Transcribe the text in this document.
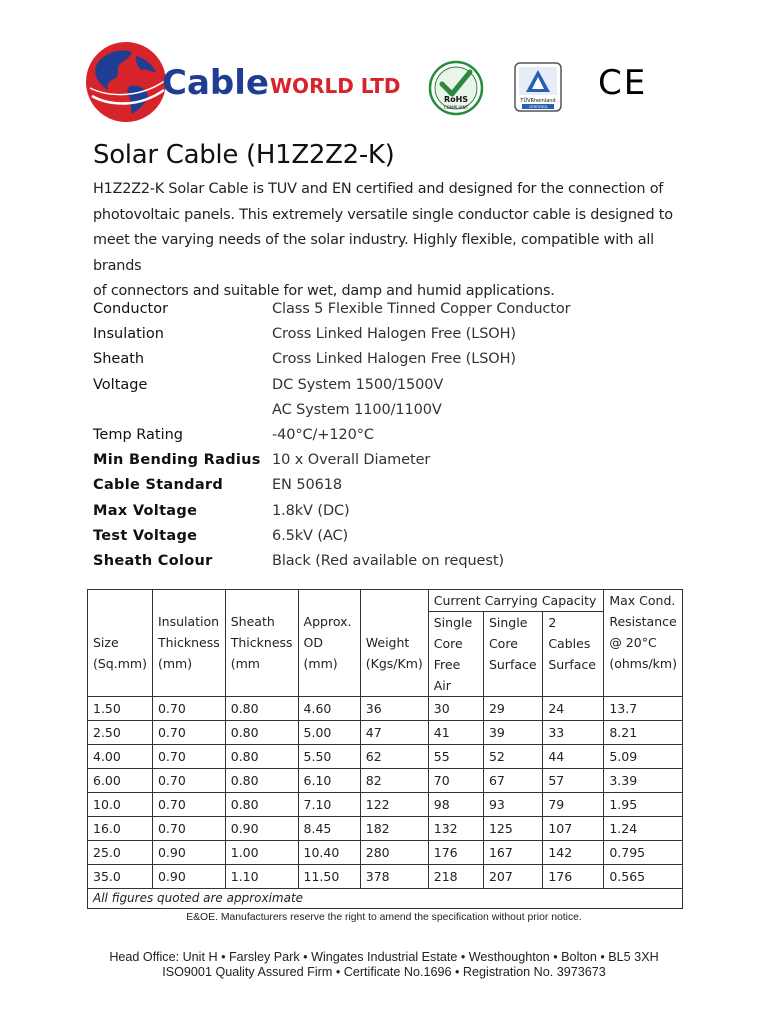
Cable WORLD LTD
RoHS
COMPLIANT
TÜVRheinland
CERTIFIED
CE
Solar Cable (H1Z2Z2-K)

H1Z2Z2-K Solar Cable is TUV and EN certified and designed for the connection of
photovoltaic panels. This extremely versatile single conductor cable is designed to
meet the varying needs of the solar industry. Highly flexible, compatible with all brands
of connectors and suitable for wet, damp and humid applications.

Conductor	Class 5 Flexible Tinned Copper Conductor
Insulation	Cross Linked Halogen Free (LSOH)
Sheath	Cross Linked Halogen Free (LSOH)
Voltage	DC System 1500/1500V
AC System 1100/1100V
Temp Rating	-40°C/+120°C
Min Bending Radius 10 x Overall Diameter
Cable Standard	EN 50618
Max Voltage	1.8kV (DC)
Test Voltage	6.5kV (AC)
Sheath Colour	Black (Red available on request)
Size
(Sq.mm)	Insulation
Thickness
(mm)	Sheath
Thickness
(mm	Approx.
OD
(mm)	Weight
(Kgs/Km)	Current Carrying Capacity			Max Cond.
Resistance
@ 20°C
(ohms/km)

					Single
Core
Free Air	Single
Core
Surface	2 Cables
Surface	

1.50	0.70	0.80	4.60	36	30	29	24	13.7
2.50	0.70	0.80	5.00	47	41	39	33	8.21
4.00	0.70	0.80	5.50	62	55	52	44	5.09
6.00	0.70	0.80	6.10	82	70	67	57	3.39
10.0	0.70	0.80	7.10	122	98	93	79	1.95
16.0	0.70	0.90	8.45	182	132	125	107	1.24
25.0	0.90	1.00	10.40	280	176	167	142	0.795
35.0	0.90	1.10	11.50	378	218	207	176	0.565
All figures quoted are approximate								
E&OE. Manufacturers reserve the right to amend the specification without prior notice.
Head Office: Unit H • Farsley Park • Wingates Industrial Estate • Westhoughton • Bolton • BL5 3XH
ISO9001 Quality Assured Firm • Certificate No.1696 • Registration No. 3973673
